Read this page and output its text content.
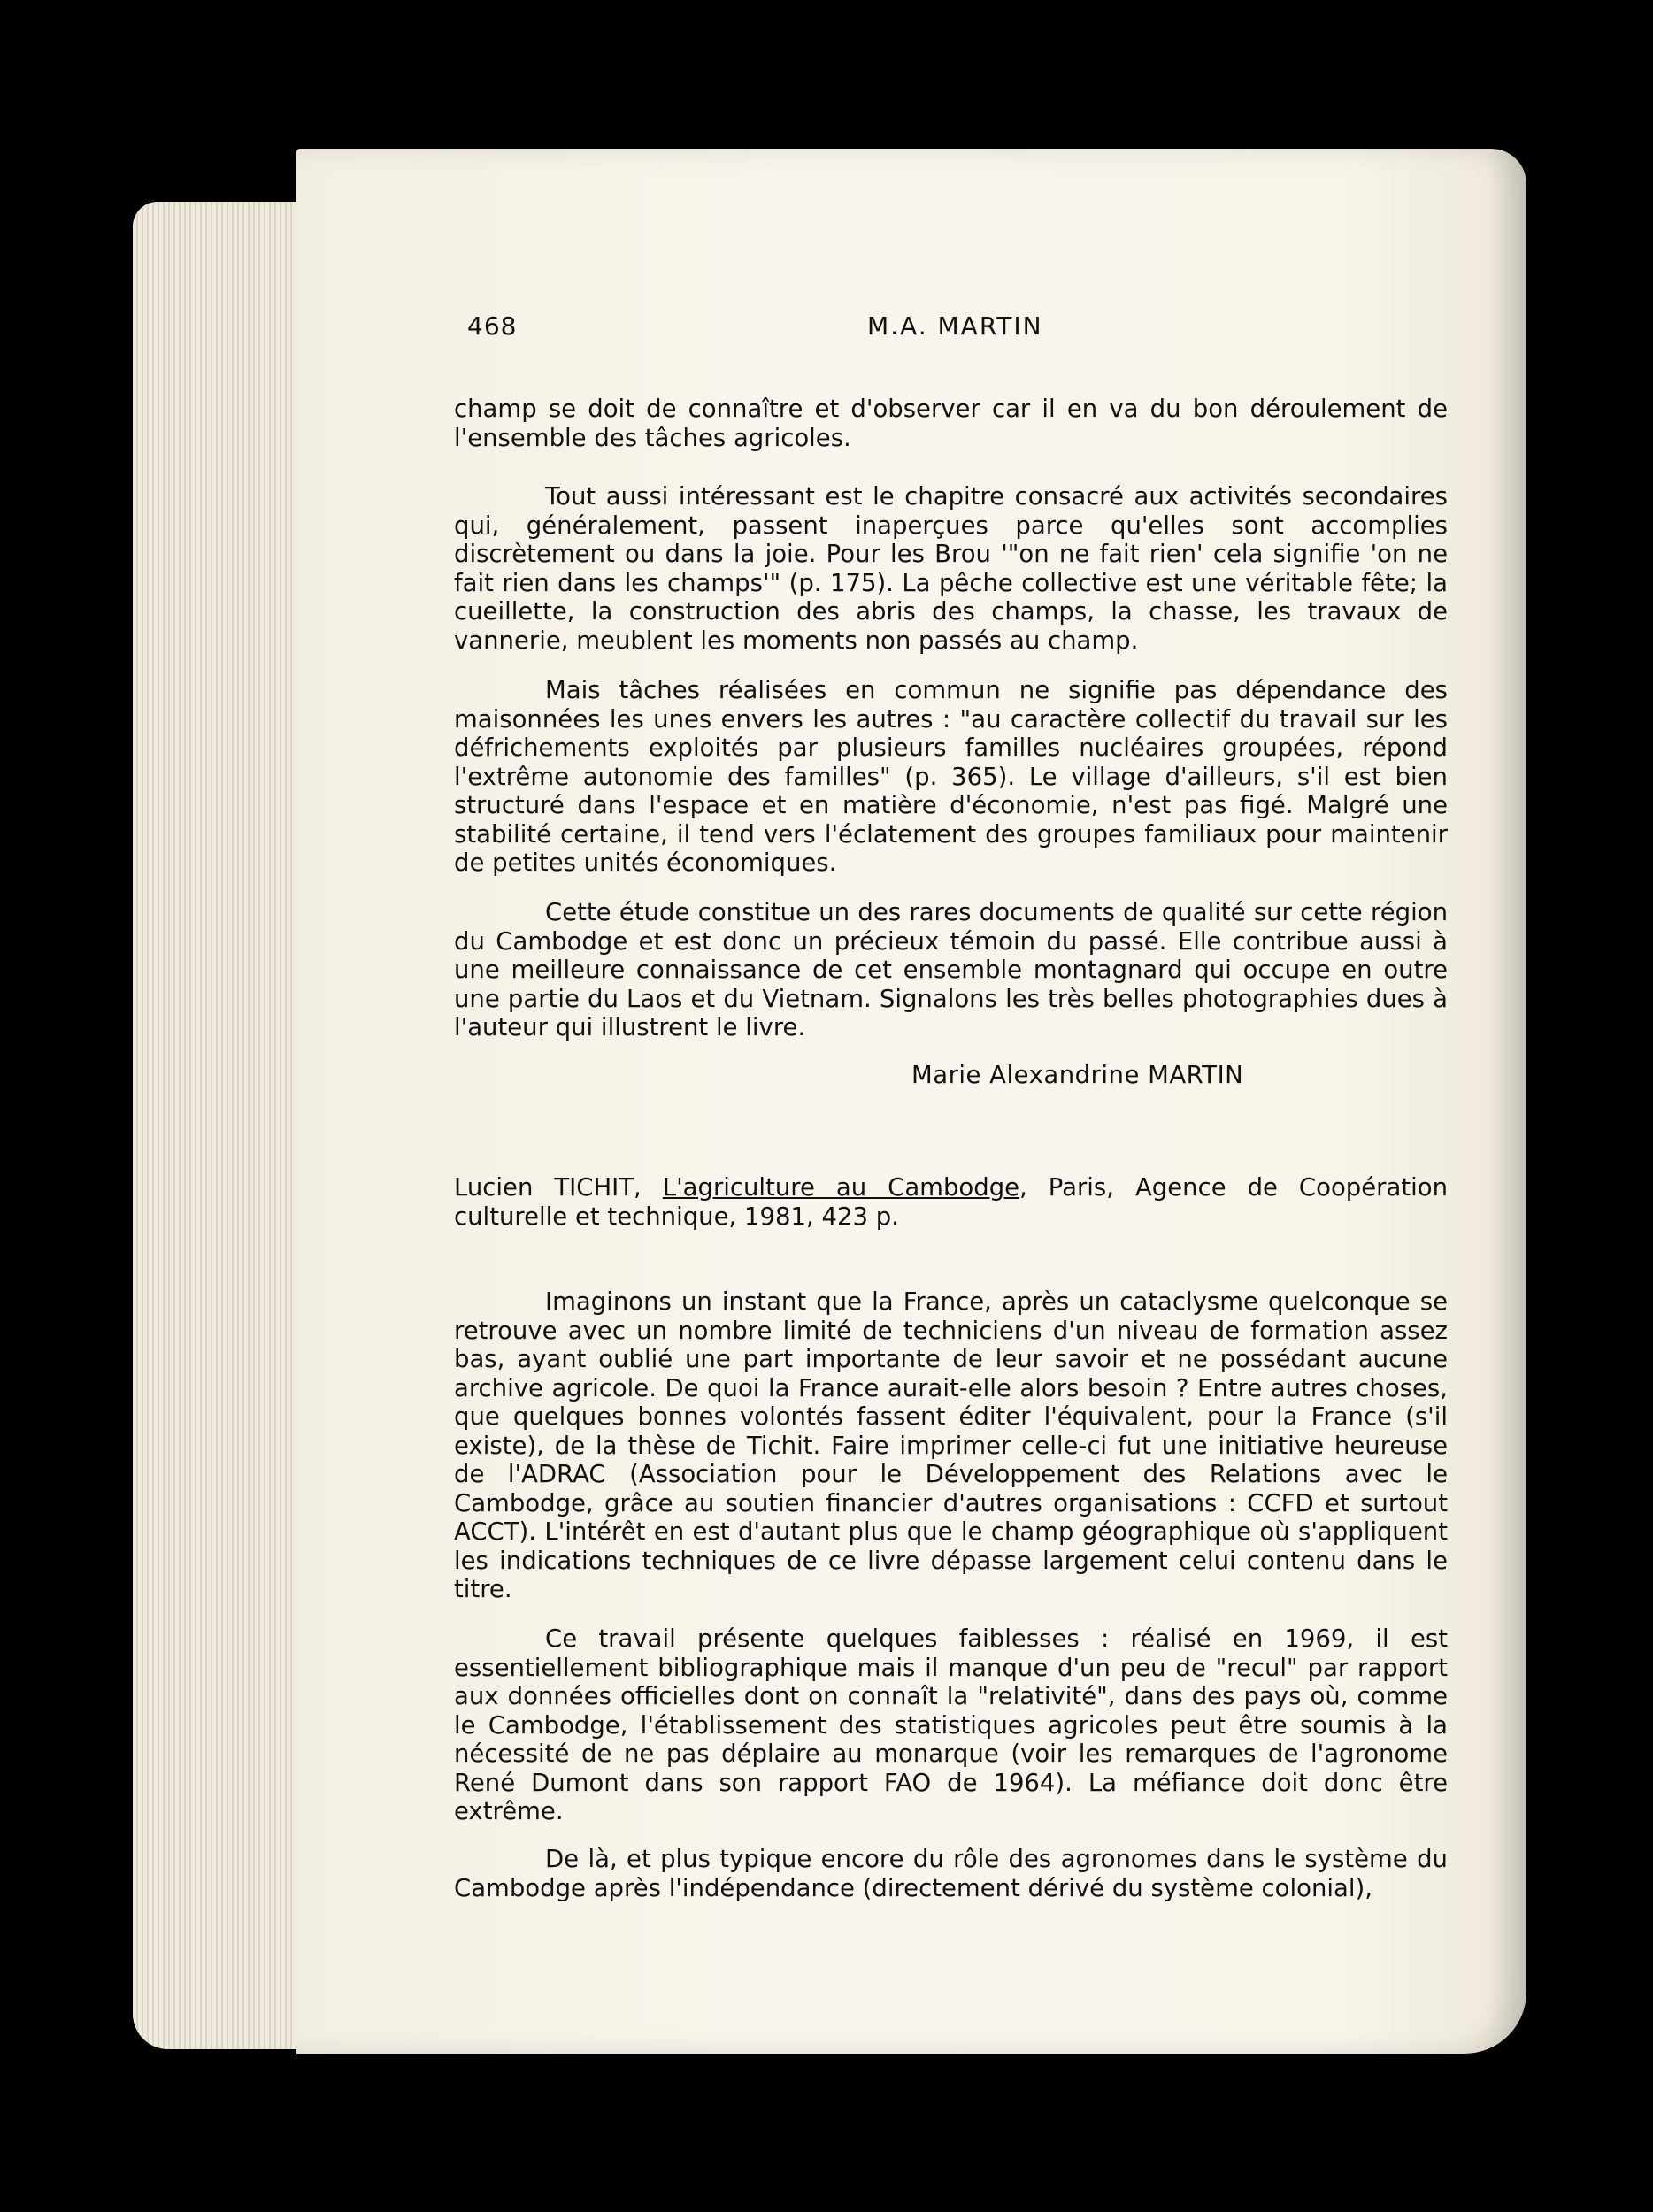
468	M.A. MARTIN

champ se doit de connaître et d'observer car il en va du bon déroulement de l'ensemble des tâches agricoles.

Tout aussi intéressant est le chapitre consacré aux activités secondaires qui, généralement, passent inaperçues parce qu'elles sont accomplies discrètement ou dans la joie. Pour les Brou '"on ne fait rien' cela signifie 'on ne fait rien dans les champs'" (p. 175). La pêche collective est une véritable fête; la cueillette, la construction des abris des champs, la chasse, les travaux de vannerie, meublent les moments non passés au champ.

Mais tâches réalisées en commun ne signifie pas dépendance des maisonnées les unes envers les autres : "au caractère collectif du travail sur les défrichements exploités par plusieurs familles nucléaires groupées, répond l'extrême autonomie des familles" (p. 365). Le village d'ailleurs, s'il est bien structuré dans l'espace et en matière d'économie, n'est pas figé. Malgré une stabilité certaine, il tend vers l'éclatement des groupes familiaux pour maintenir de petites unités économiques.

Cette étude constitue un des rares documents de qualité sur cette région du Cambodge et est donc un précieux témoin du passé. Elle contribue aussi à une meilleure connaissance de cet ensemble montagnard qui occupe en outre une partie du Laos et du Vietnam. Signalons les très belles photographies dues à l'auteur qui illustrent le livre.

Marie Alexandrine MARTIN

Lucien TICHIT, L'agriculture au Cambodge, Paris, Agence de Coopération culturelle et technique, 1981, 423 p.

Imaginons un instant que la France, après un cataclysme quelconque se retrouve avec un nombre limité de techniciens d'un niveau de formation assez bas, ayant oublié une part importante de leur savoir et ne possédant aucune archive agricole. De quoi la France aurait-elle alors besoin ? Entre autres choses, que quelques bonnes volontés fassent éditer l'équivalent, pour la France (s'il existe), de la thèse de Tichit. Faire imprimer celle-ci fut une initiative heureuse de l'ADRAC (Association pour le Développement des Relations avec le Cambodge, grâce au soutien financier d'autres organisations : CCFD et surtout ACCT). L'intérêt en est d'autant plus que le champ géographique où s'appliquent les indications techniques de ce livre dépasse largement celui contenu dans le titre.

Ce travail présente quelques faiblesses : réalisé en 1969, il est essentiellement bibliographique mais il manque d'un peu de "recul" par rapport aux données officielles dont on connaît la "relativité", dans des pays où, comme le Cambodge, l'établissement des statistiques agricoles peut être soumis à la nécessité de ne pas déplaire au monarque (voir les remarques de l'agronome René Dumont dans son rapport FAO de 1964). La méfiance doit donc être extrême.

De là, et plus typique encore du rôle des agronomes dans le système du Cambodge après l'indépendance (directement dérivé du système colonial),
